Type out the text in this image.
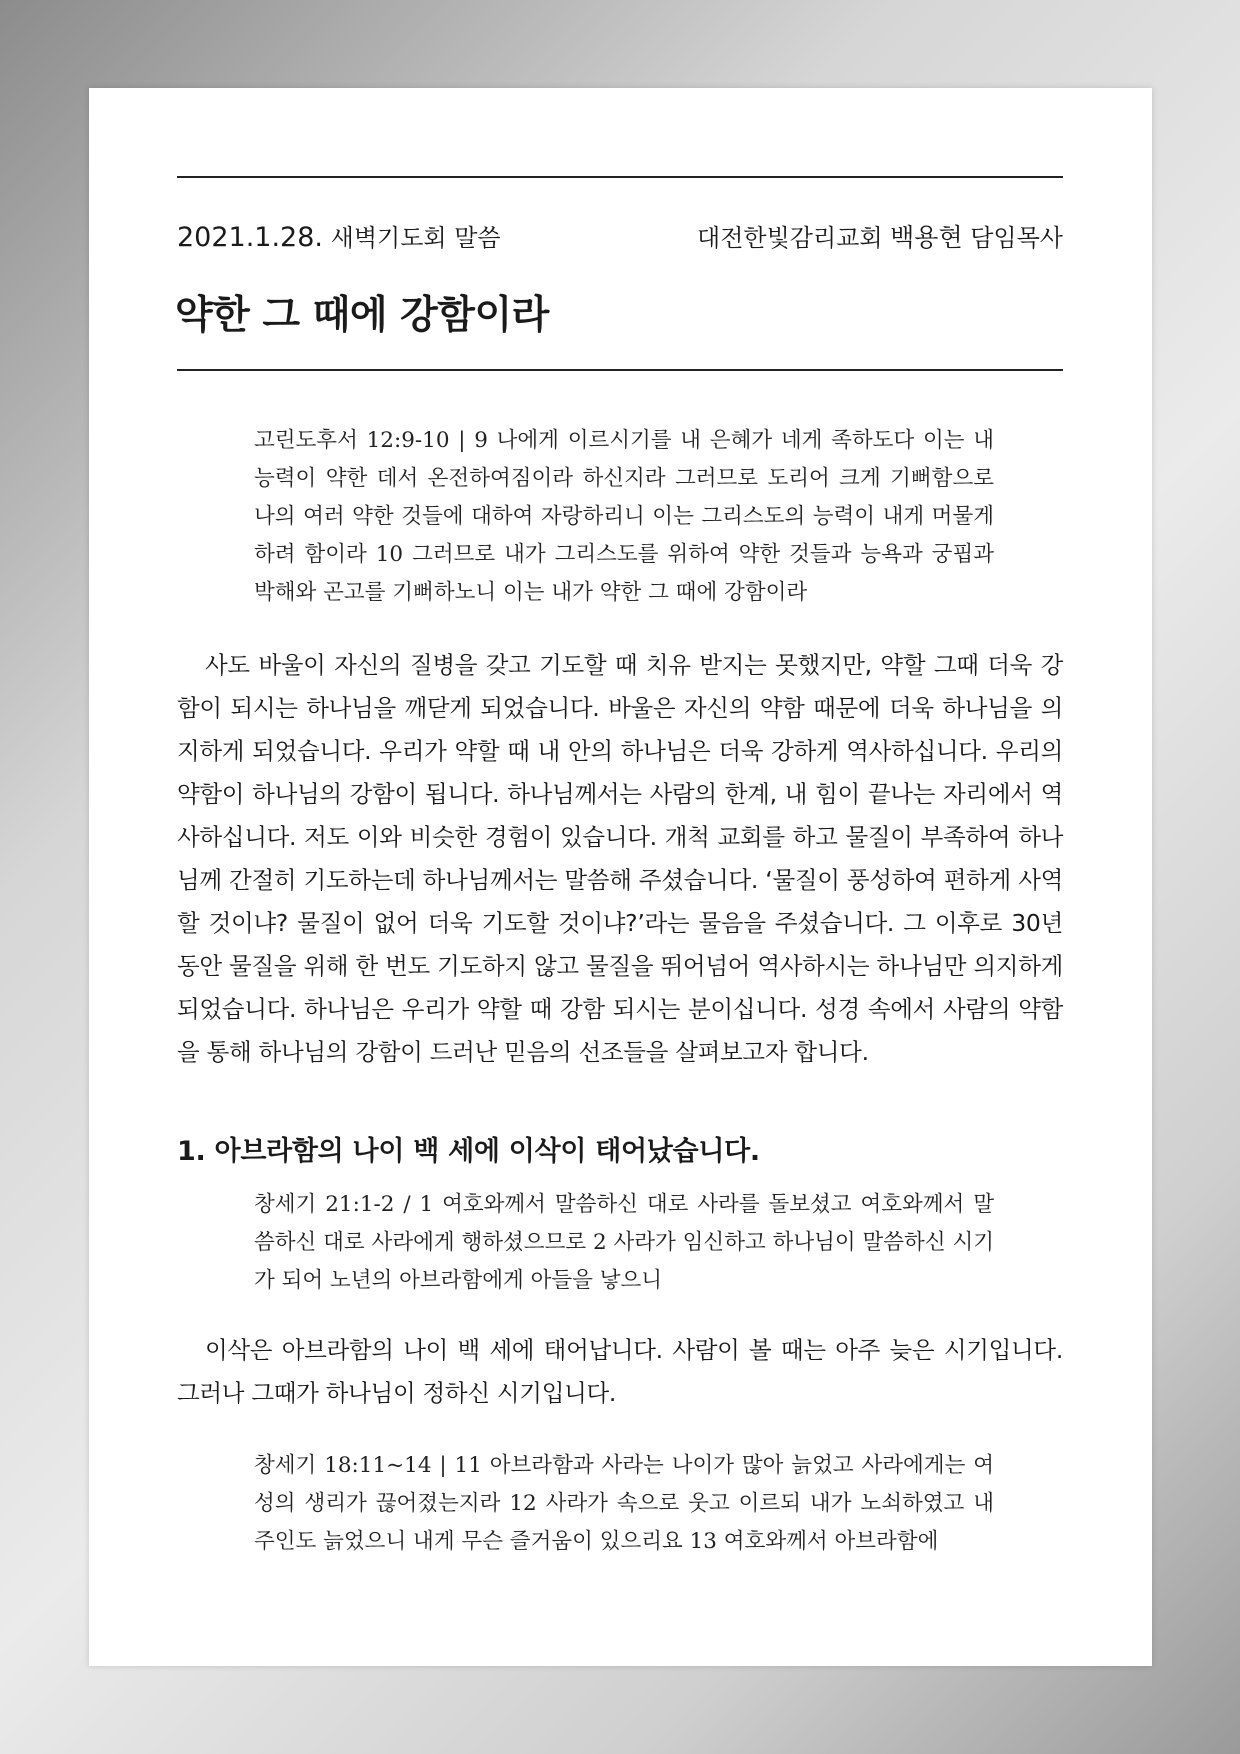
2021.1.28. 새벽기도회 말씀	대전한빛감리교회 백용현 담임목사
약한 그 때에 강함이라
고린도후서 12:9-10 | 9 나에게 이르시기를 내 은혜가 네게 족하도다 이는 내 능력이 약한 데서 온전하여짐이라 하신지라 그러므로 도리어 크게 기뻐함으로 나의 여러 약한 것들에 대하여 자랑하리니 이는 그리스도의 능력이 내게 머물게 하려 함이라 10 그러므로 내가 그리스도를 위하여 약한 것들과 능욕과 궁핍과 박해와 곤고를 기뻐하노니 이는 내가 약한 그 때에 강함이라
사도 바울이 자신의 질병을 갖고 기도할 때 치유 받지는 못했지만, 약할 그때 더욱 강함이 되시는 하나님을 깨닫게 되었습니다. 바울은 자신의 약함 때문에 더욱 하나님을 의지하게 되었습니다. 우리가 약할 때 내 안의 하나님은 더욱 강하게 역사하십니다. 우리의 약함이 하나님의 강함이 됩니다. 하나님께서는 사람의 한계, 내 힘이 끝나는 자리에서 역사하십니다. 저도 이와 비슷한 경험이 있습니다. 개척 교회를 하고 물질이 부족하여 하나님께 간절히 기도하는데 하나님께서는 말씀해 주셨습니다. ‘물질이 풍성하여 편하게 사역할 것이냐? 물질이 없어 더욱 기도할 것이냐?’라는 물음을 주셨습니다. 그 이후로 30년 동안 물질을 위해 한 번도 기도하지 않고 물질을 뛰어넘어 역사하시는 하나님만 의지하게 되었습니다. 하나님은 우리가 약할 때 강함 되시는 분이십니다. 성경 속에서 사람의 약함을 통해 하나님의 강함이 드러난 믿음의 선조들을 살펴보고자 합니다.
1. 아브라함의 나이 백 세에 이삭이 태어났습니다.
창세기 21:1-2 / 1 여호와께서 말씀하신 대로 사라를 돌보셨고 여호와께서 말씀하신 대로 사라에게 행하셨으므로 2 사라가 임신하고 하나님이 말씀하신 시기가 되어 노년의 아브라함에게 아들을 낳으니
이삭은 아브라함의 나이 백 세에 태어납니다. 사람이 볼 때는 아주 늦은 시기입니다. 그러나 그때가 하나님이 정하신 시기입니다.
창세기 18:11~14 | 11 아브라함과 사라는 나이가 많아 늙었고 사라에게는 여성의 생리가 끊어졌는지라 12 사라가 속으로 웃고 이르되 내가 노쇠하였고 내 주인도 늙었으니 내게 무슨 즐거움이 있으리요 13 여호와께서 아브라함에
